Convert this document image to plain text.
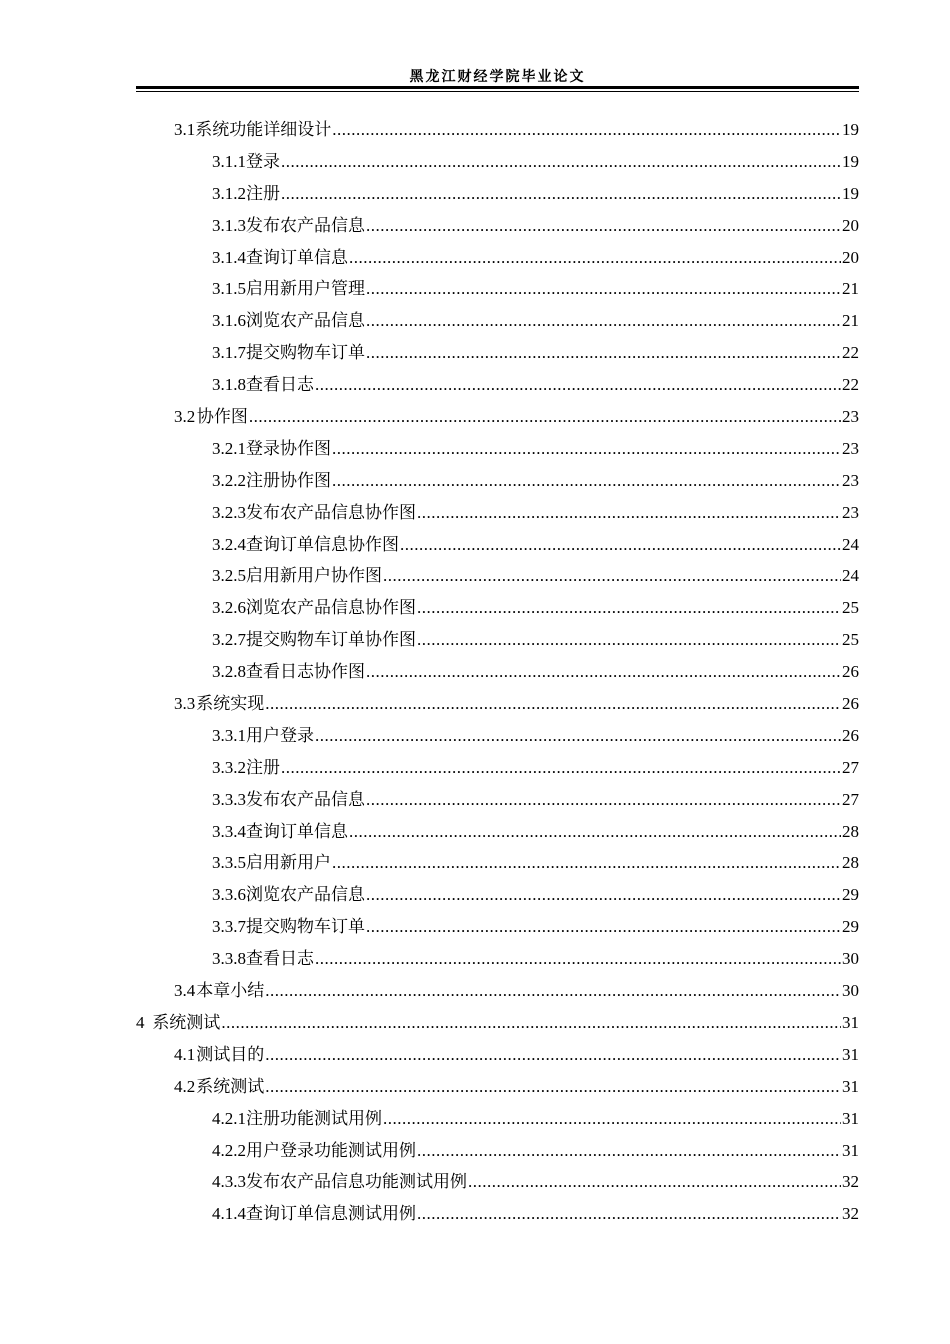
黑龙江财经学院毕业论文
3.1 系统功能详细设计 .....	19
3.1.1 登录 .....	19
3.1.2 注册 .....	19
3.1.3 发布农产品信息 .....	20
3.1.4 查询订单信息 .....	20
3.1.5 启用新用户管理 .....	21
3.1.6 浏览农产品信息 .....	21
3.1.7 提交购物车订单 .....	22
3.1.8 查看日志 .....	22
3.2 协作图 .....	23
3.2.1 登录协作图 .....	23
3.2.2 注册协作图 .....	23
3.2.3 发布农产品信息协作图 .....	23
3.2.4 查询订单信息协作图 .....	24
3.2.5 启用新用户协作图 .....	24
3.2.6 浏览农产品信息协作图 .....	25
3.2.7 提交购物车订单协作图 .....	25
3.2.8 查看日志协作图 .....	26
3.3 系统实现 .....	26
3.3.1 用户登录 .....	26
3.3.2 注册 .....	27
3.3.3 发布农产品信息 .....	27
3.3.4 查询订单信息 .....	28
3.3.5 启用新用户 .....	28
3.3.6 浏览农产品信息 .....	29
3.3.7 提交购物车订单 .....	29
3.3.8 查看日志 .....	30
3.4 本章小结 .....	30
4 系统测试 .....	31
4.1 测试目的 .....	31
4.2 系统测试 .....	31
4.2.1 注册功能测试用例 .....	31
4.2.2 用户登录功能测试用例 .....	31
4.3.3 发布农产品信息功能测试用例 .....	32
4.1.4 查询订单信息测试用例 .....	32
